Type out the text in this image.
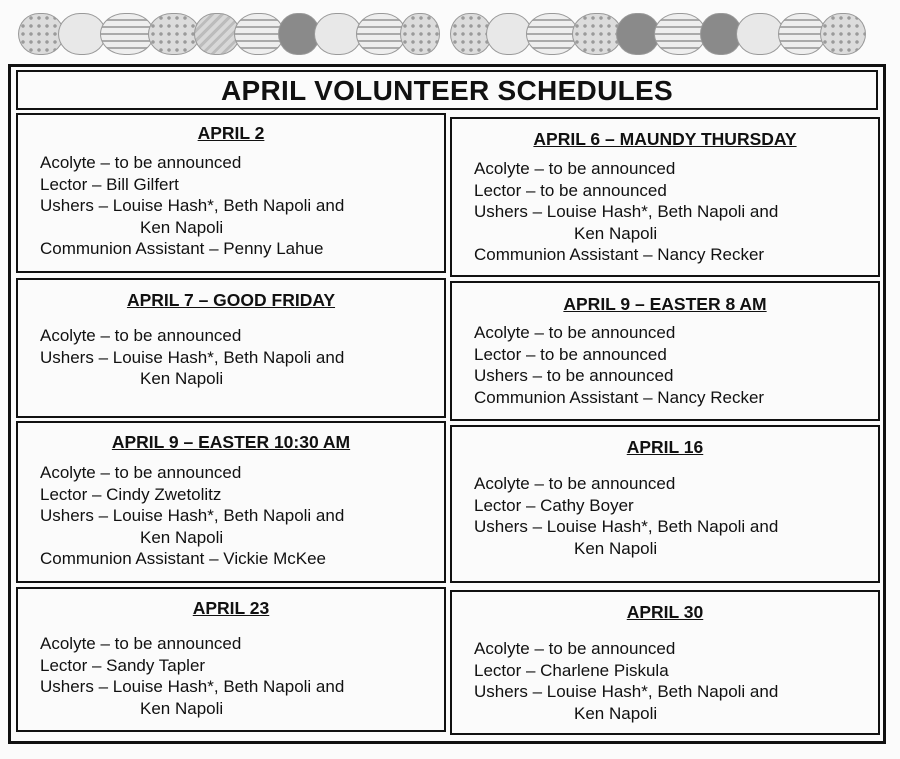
APRIL VOLUNTEER SCHEDULES
APRIL 2
Acolyte – to be announced
Lector – Bill Gilfert
Ushers – Louise Hash*, Beth Napoli and
Ken Napoli
Communion Assistant – Penny Lahue
APRIL 6 – MAUNDY THURSDAY
Acolyte – to be announced
Lector – to be announced
Ushers – Louise Hash*, Beth Napoli and
Ken Napoli
Communion Assistant – Nancy Recker
APRIL 7 – GOOD FRIDAY
Acolyte – to be announced
Ushers – Louise Hash*, Beth Napoli and
Ken Napoli
APRIL 9 – EASTER 8 AM
Acolyte – to be announced
Lector – to be announced
Ushers – to be announced
Communion Assistant – Nancy Recker
APRIL 9 – EASTER 10:30 AM
Acolyte – to be announced
Lector – Cindy Zwetolitz
Ushers – Louise Hash*, Beth Napoli and
Ken Napoli
Communion Assistant – Vickie McKee
APRIL 16
Acolyte – to be announced
Lector – Cathy Boyer
Ushers – Louise Hash*, Beth Napoli and
Ken Napoli
APRIL 23
Acolyte – to be announced
Lector – Sandy Tapler
Ushers – Louise Hash*, Beth Napoli and
Ken Napoli
APRIL 30
Acolyte – to be announced
Lector – Charlene Piskula
Ushers – Louise Hash*, Beth Napoli and
Ken Napoli
